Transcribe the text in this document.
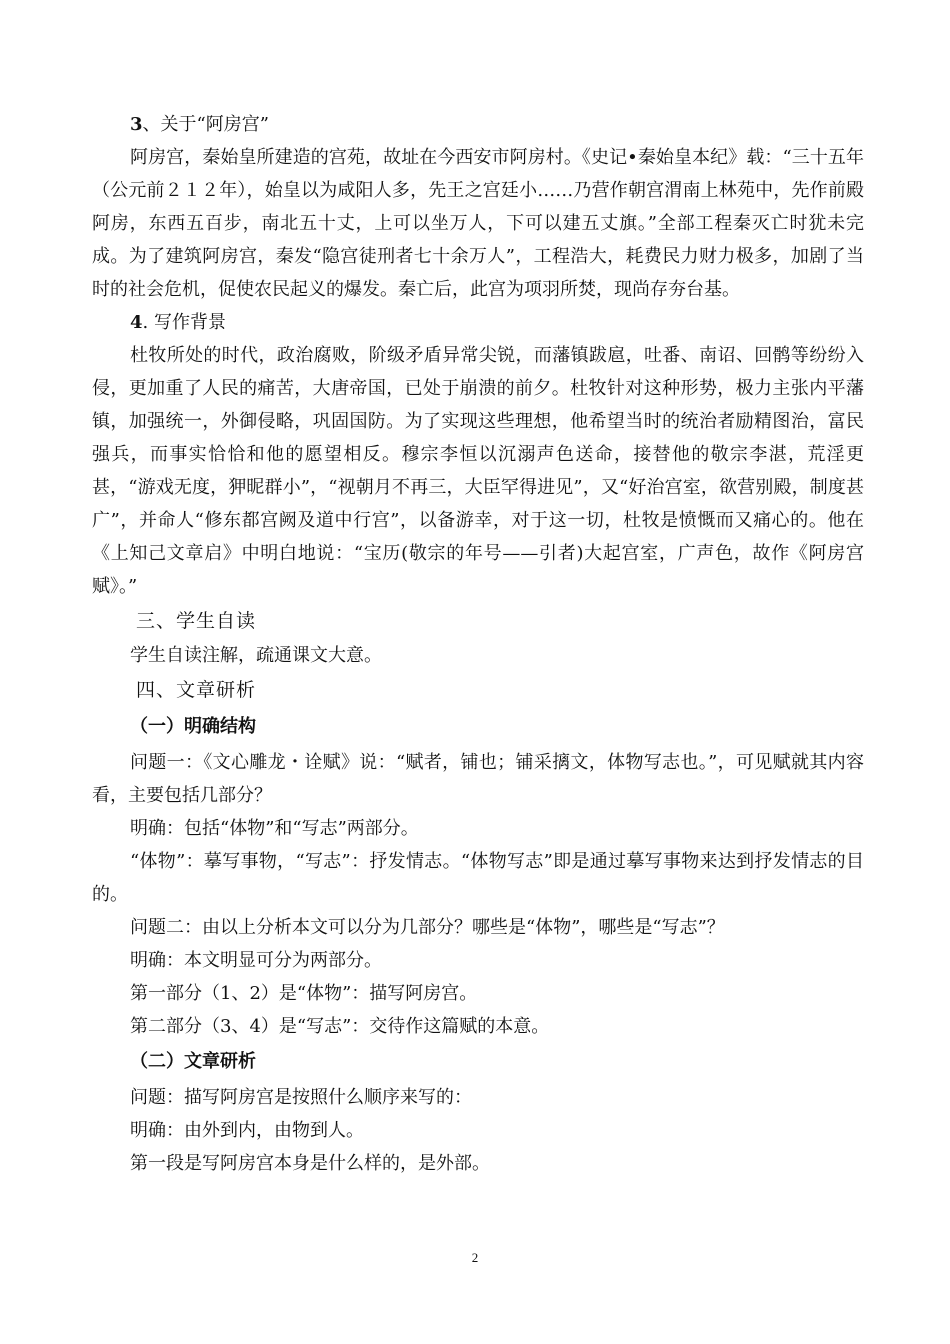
3、关于“阿房宫”

阿房宫，秦始皇所建造的宫苑，故址在今西安市阿房村。《史记•秦始皇本纪》载：“三十五年（公元前２１２年），始皇以为咸阳人多，先王之宫廷小……乃营作朝宫渭南上林苑中，先作前殿阿房，东西五百步，南北五十丈，上可以坐万人，下可以建五丈旗。”全部工程秦灭亡时犹未完成。为了建筑阿房宫，秦发“隐宫徒刑者七十余万人”，工程浩大，耗费民力财力极多，加剧了当时的社会危机，促使农民起义的爆发。秦亡后，此宫为项羽所焚，现尚存夯台基。

4. 写作背景

杜牧所处的时代，政治腐败，阶级矛盾异常尖锐，而藩镇跋扈，吐番、南诏、回鹘等纷纷入侵，更加重了人民的痛苦，大唐帝国，已处于崩溃的前夕。杜牧针对这种形势，极力主张内平藩镇，加强统一，外御侵略，巩固国防。为了实现这些理想，他希望当时的统治者励精图治，富民强兵，而事实恰恰和他的愿望相反。穆宗李恒以沉溺声色送命，接替他的敬宗李湛，荒淫更甚，“游戏无度，狎昵群小”，“视朝月不再三，大臣罕得进见”，又“好治宫室，欲营别殿，制度甚广”，并命人“修东都宫阙及道中行宫”，以备游幸，对于这一切，杜牧是愤慨而又痛心的。他在《上知己文章启》中明白地说：“宝历(敬宗的年号——引者)大起宫室，广声色，故作《阿房宫赋》。”

三、学生自读

学生自读注解，疏通课文大意。

四、文章研析
（一）明确结构

问题一：《文心雕龙・诠赋》说：“赋者，铺也；铺采摛文，体物写志也。”，可见赋就其内容看，主要包括几部分？

明确：包括“体物”和“写志”两部分。

“体物”：摹写事物，“写志”：抒发情志。“体物写志”即是通过摹写事物来达到抒发情志的目的。

问题二：由以上分析本文可以分为几部分？哪些是“体物”，哪些是“写志”？

明确：本文明显可分为两部分。

第一部分（1、2）是“体物”：描写阿房宫。

第二部分（3、4）是“写志”：交待作这篇赋的本意。

（二）文章研析

问题：描写阿房宫是按照什么顺序来写的：

明确：由外到内，由物到人。

第一段是写阿房宫本身是什么样的，是外部。

2
